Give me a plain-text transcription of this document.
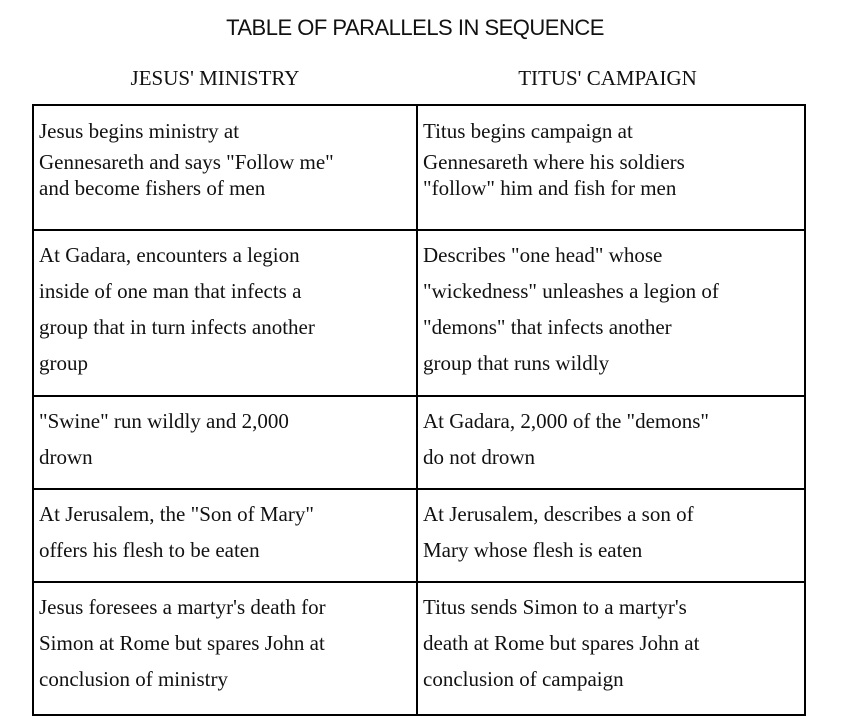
TABLE OF PARALLELS IN SEQUENCE
JESUS' MINISTRY	TITUS' CAMPAIGN
Jesus begins ministry at
Gennesareth and says "Follow me"
and become fishers of men	Titus begins campaign at
Gennesareth where his soldiers
"follow" him and fish for men

At Gadara, encounters a legion
inside of one man that infects a
group that in turn infects another
group	Describes "one head" whose
"wickedness" unleashes a legion of
"demons" that infects another
group that runs wildly

"Swine" run wildly and 2,000
drown	At Gadara, 2,000 of the "demons"
do not drown

At Jerusalem, the "Son of Mary"
offers his flesh to be eaten	At Jerusalem, describes a son of
Mary whose flesh is eaten

Jesus foresees a martyr's death for
Simon at Rome but spares John at
conclusion of ministry	Titus sends Simon to a martyr's
death at Rome but spares John at
conclusion of campaign
